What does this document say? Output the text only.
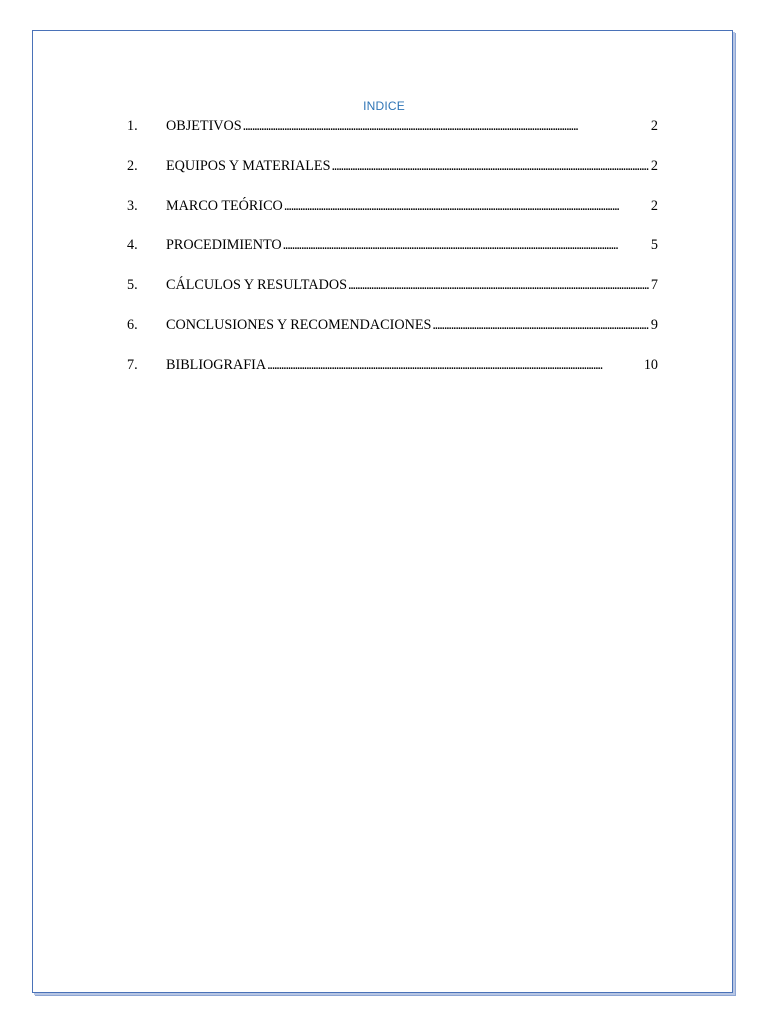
INDICE
1.	OBJETIVOS . . .	2
2.	EQUIPOS Y MATERIALES . . .	2
3.	MARCO TEÓRICO . . .	2
4.	PROCEDIMIENTO . . .	5
5.	CÁLCULOS Y RESULTADOS . . .	7
6.	CONCLUSIONES Y RECOMENDACIONES . . .	9
7.	BIBLIOGRAFIA . . .	10
